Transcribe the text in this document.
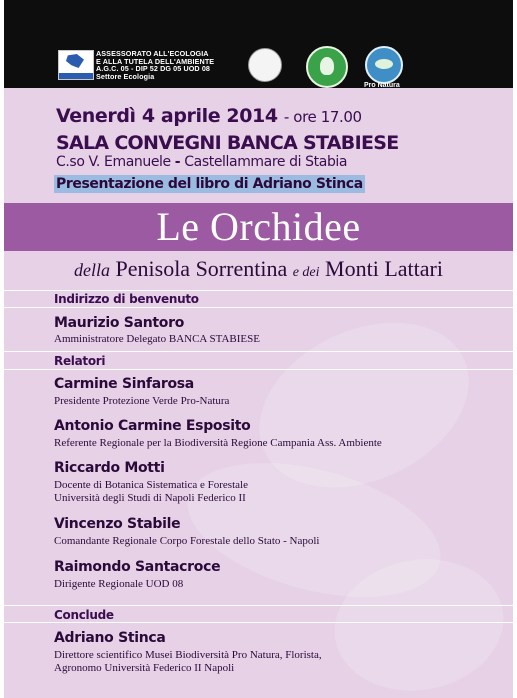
ASSESSORATO ALL'ECOLOGIA
E ALLA TUTELA DELL'AMBIENTE
A.G.C. 05 - DIP 52 DG 05 UOD 08
Settore Ecologia

Pro Natura
Venerdì 4 aprile 2014 - ore 17.00
SALA CONVEGNI BANCA STABIESE
C.so V. Emanuele - Castellammare di Stabia
Presentazione del libro di Adriano Stinca
Le Orchidee
della Penisola Sorrentina e dei Monti Lattari
Indirizzo di benvenuto
Maurizio Santoro
Amministratore Delegato BANCA STABIESE
Relatori
Carmine Sinfarosa
Presidente Protezione Verde Pro-Natura
Antonio Carmine Esposito
Referente Regionale per la Biodiversità Regione Campania Ass. Ambiente
Riccardo Motti
Docente di Botanica Sistematica e Forestale
Università degli Studi di Napoli Federico II
Vincenzo Stabile
Comandante Regionale Corpo Forestale dello Stato - Napoli
Raimondo Santacroce
Dirigente Regionale UOD 08
Conclude
Adriano Stinca
Direttore scientifico Musei Biodiversità Pro Natura, Florista,
Agronomo Università Federico II Napoli
